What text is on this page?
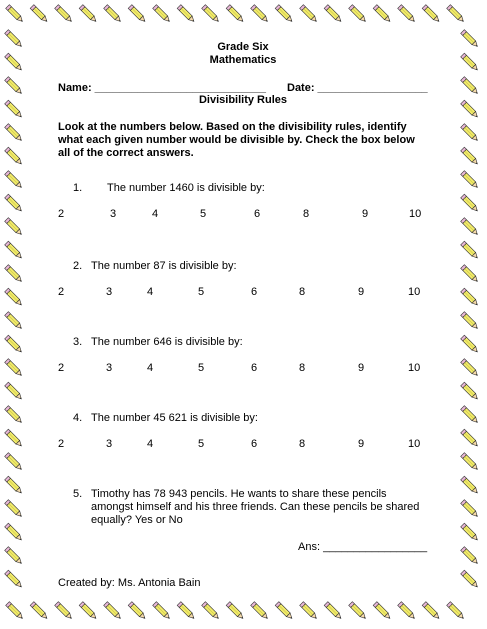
Grade Six
Mathematics
Name: ____________________________ Date: __________________
Divisibility Rules
Look at the numbers below. Based on the divisibility rules, identify
what each given number would be divisible by. Check the box below
all of the correct answers.
1. The number 1460 is divisible by:
2. The number 87 is divisible by:
3. The number 646 is divisible by:
4. The number 45 621 is divisible by:
5. Timothy has 78 943 pencils. He wants to share these pencils
amongst himself and his three friends. Can these pencils be shared
equally? Yes or No
Ans: _________________
Created by: Ms. Antonia Bain
2	3	4	5	6	8	9	10
2	3	4	5	6	8	9	10
2	3	4	5	6	8	9	10
2	3	4	5	6	8	9	10
